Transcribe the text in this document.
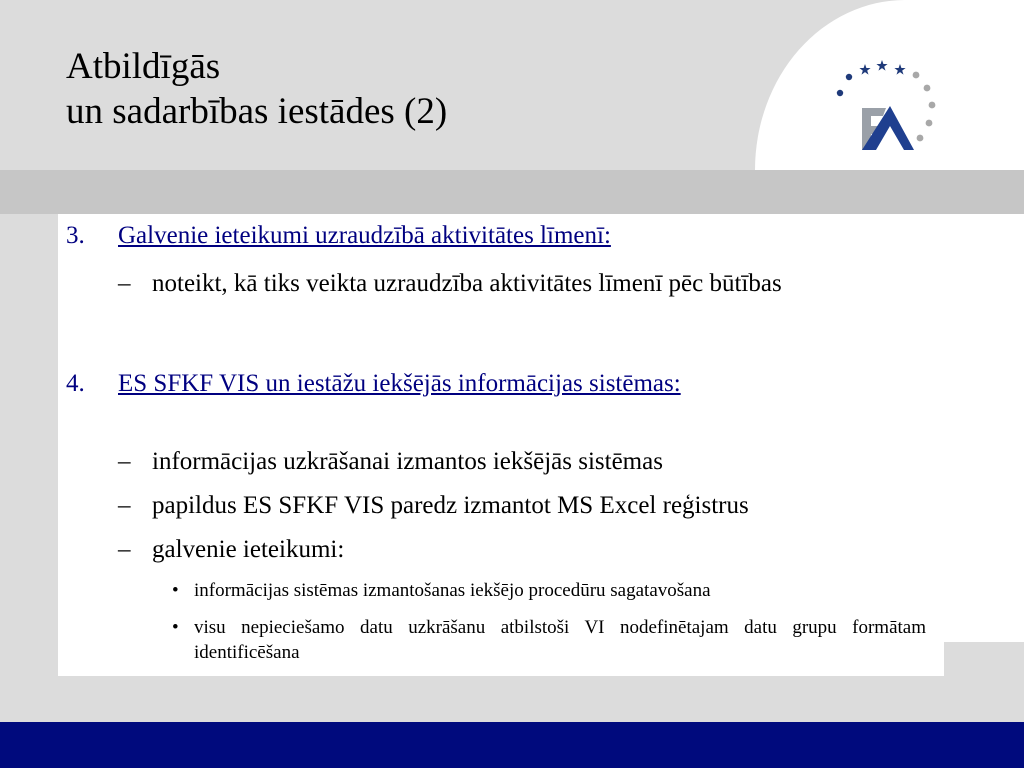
Atbildīgās
un sadarbības iestādes (2)
FM
3. Galvenie ieteikumi uzraudzībā aktivitātes līmenī:
– noteikt, kā tiks veikta uzraudzība aktivitātes līmenī pēc būtības
4. ES SFKF VIS un iestāžu iekšējās informācijas sistēmas:
– informācijas uzkrāšanai izmantos iekšējās sistēmas
– papildus ES SFKF VIS paredz izmantot MS Excel reģistrus
– galvenie ieteikumi:
• informācijas sistēmas izmantošanas iekšējo procedūru sagatavošana
• visu nepieciešamo datu uzkrāšanu atbilstoši VI nodefinētajam datu grupu formātam identificēšana
